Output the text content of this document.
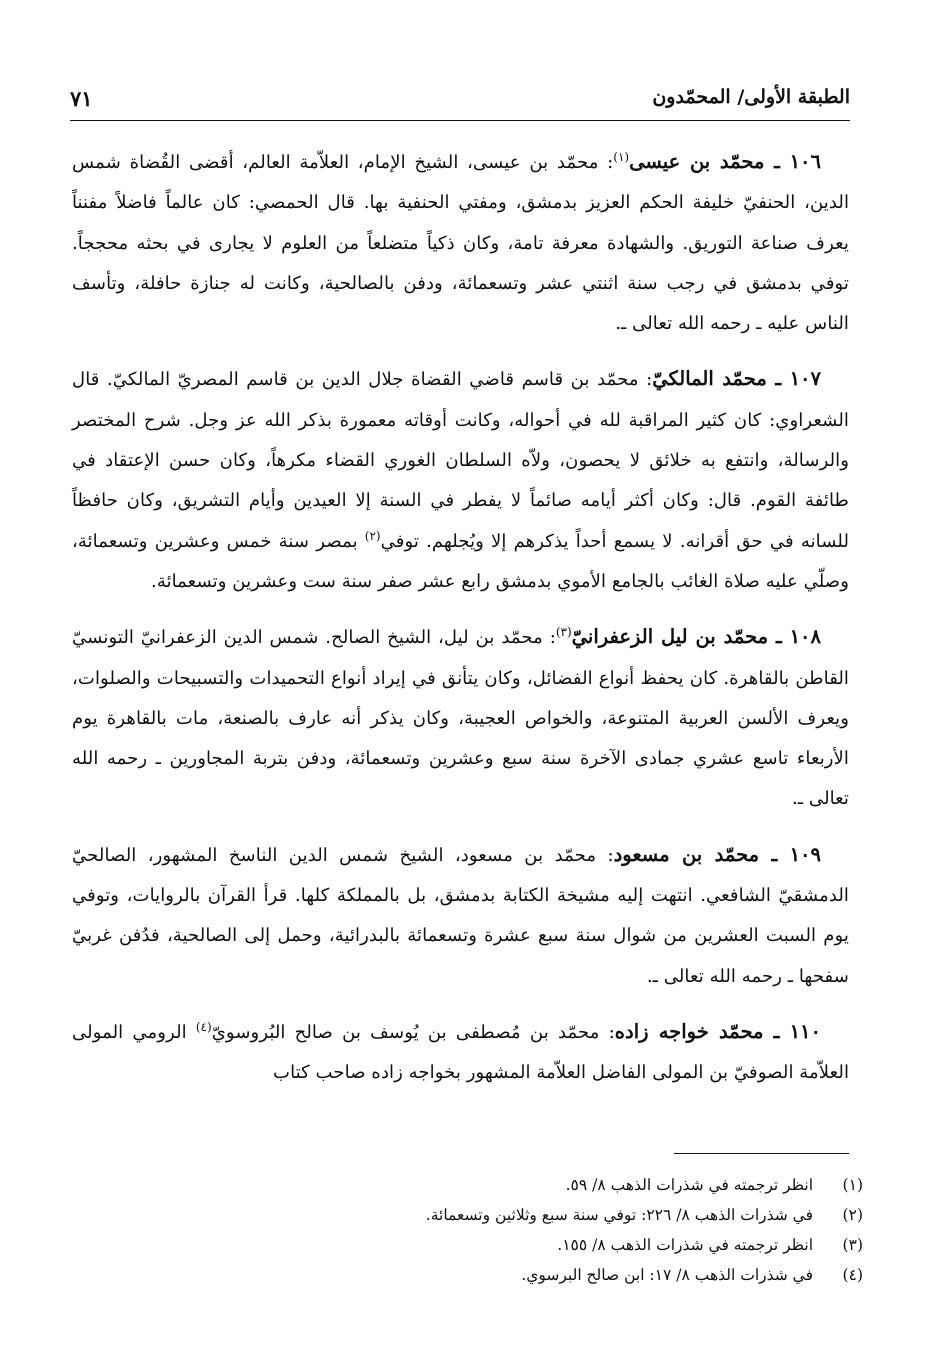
الطبقة الأولى/ المحمّدون
٧١

١٠٦ ـ محمّد بن عيسى$^{(١)}$: محمّد بن عيسى، الشيخ الإمام، العلاّمة العالم، أقضى القُضاة شمس الدين، الحنفيّ خليفة الحكم العزيز بدمشق، ومفتي الحنفية بها. قال الحمصي: كان عالماً فاضلاً مفنناً يعرف صناعة التوريق. والشهادة معرفة تامة، وكان ذكياً متضلعاً من العلوم لا يجارى في بحثه محججاً. توفي بدمشق في رجب سنة اثنتي عشر وتسعمائة، ودفن بالصالحية، وكانت له جنازة حافلة، وتأسف الناس عليه ـ رحمه الله تعالى ـ.

١٠٧ ـ محمّد المالكيّ: محمّد بن قاسم قاضي القضاة جلال الدين بن قاسم المصريّ المالكيّ. قال الشعراوي: كان كثير المراقبة لله في أحواله، وكانت أوقاته معمورة بذكر الله عز وجل. شرح المختصر والرسالة، وانتفع به خلائق لا يحصون، ولاّه السلطان الغوري القضاء مكرهاً، وكان حسن الإعتقاد في طائفة القوم. قال: وكان أكثر أيامه صائماً لا يفطر في السنة إلا العيدين وأيام التشريق، وكان حافظاً للسانه في حق أقرانه. لا يسمع أحداً يذكرهم إلا ويُجلهم. توفي$^{(٢)}$ بمصر سنة خمس وعشرين وتسعمائة، وصلّي عليه صلاة الغائب بالجامع الأموي بدمشق رابع عشر صفر سنة ست وعشرين وتسعمائة.

١٠٨ ـ محمّد بن ليل الزعفرانيّ$^{(٣)}$: محمّد بن ليل، الشيخ الصالح. شمس الدين الزعفرانيّ التونسيّ القاطن بالقاهرة. كان يحفظ أنواع الفضائل، وكان يتأنق في إيراد أنواع التحميدات والتسبيحات والصلوات، ويعرف الألسن العربية المتنوعة، والخواص العجيبة، وكان يذكر أنه عارف بالصنعة، مات بالقاهرة يوم الأربعاء تاسع عشري جمادى الآخرة سنة سبع وعشرين وتسعمائة، ودفن بتربة المجاورين ـ رحمه الله تعالى ـ.

١٠٩ ـ محمّد بن مسعود: محمّد بن مسعود، الشيخ شمس الدين الناسخ المشهور، الصالحيّ الدمشقيّ الشافعي. انتهت إليه مشيخة الكتابة بدمشق، بل بالمملكة كلها. قرأ القرآن بالروايات، وتوفي يوم السبت العشرين من شوال سنة سبع عشرة وتسعمائة بالبدرائية، وحمل إلى الصالحية، فدُفن غربيّ سفحها ـ رحمه الله تعالى ـ.

١١٠ ـ محمّد خواجه زاده: محمّد بن مُصطفى بن يُوسف بن صالح البُروسويّ$^{(٤)}$ الرومي المولى العلاّمة الصوفيّ بن المولى الفاضل العلاّمة المشهور بخواجه زاده صاحب كتاب

(١)
انظر ترجمته في شذرات الذهب ٨/ ٥٩.
(٢)
في شذرات الذهب ٨/ ٢٢٦: توفي سنة سبع وثلاثين وتسعمائة.
(٣)
انظر ترجمته في شذرات الذهب ٨/ ١٥٥.
(٤)
في شذرات الذهب ٨/ ١٧: ابن صالح البرسوي.
